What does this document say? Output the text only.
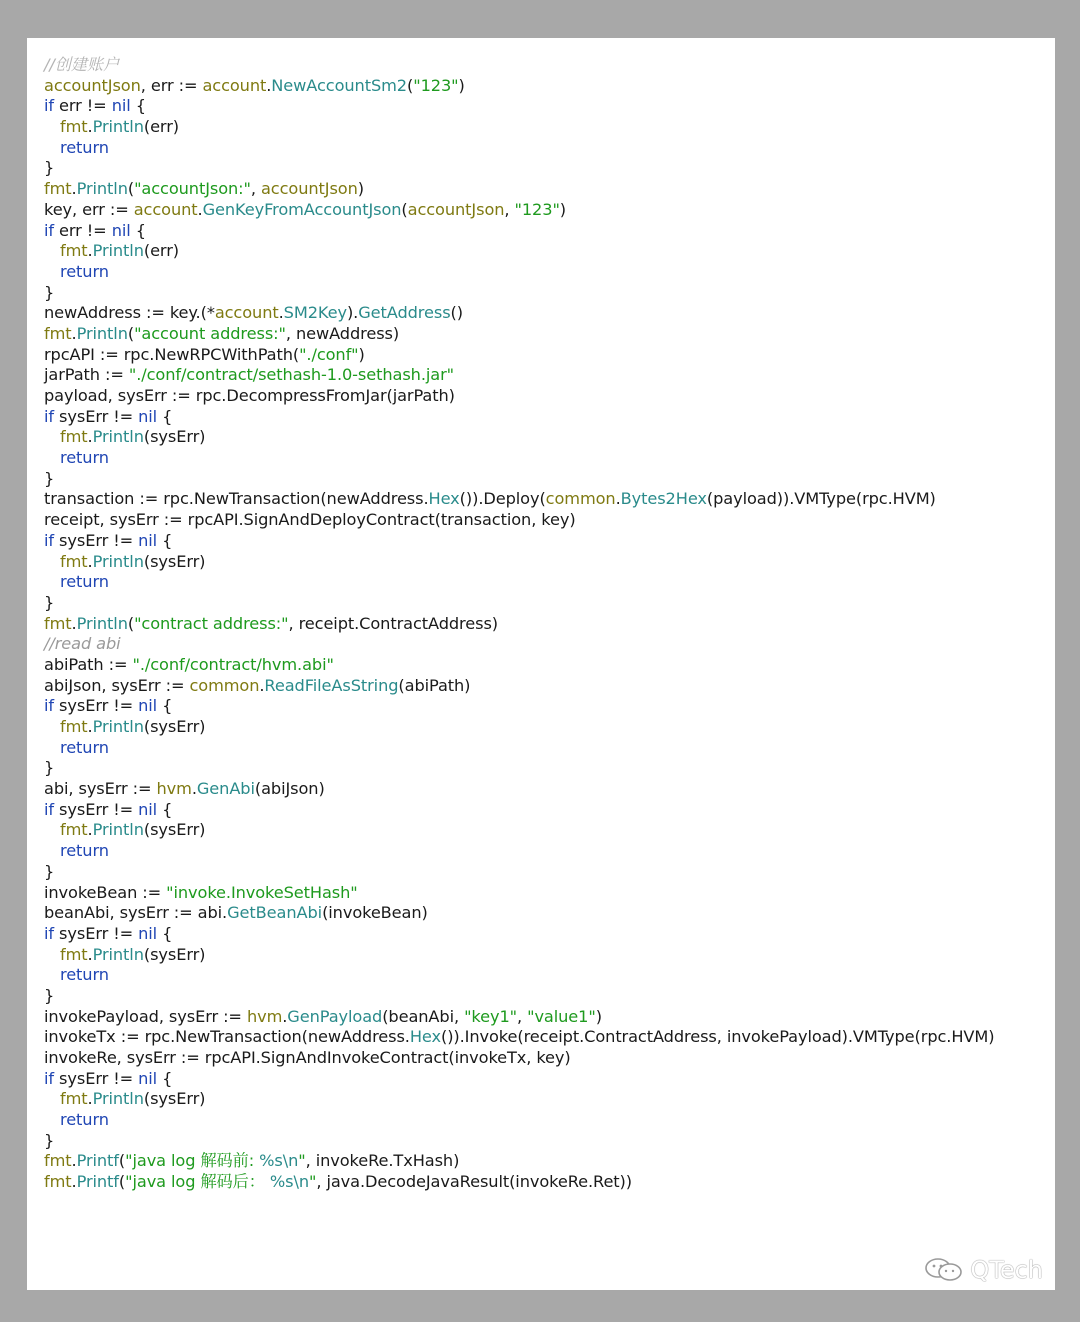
//创建账户
accountJson, err := account.NewAccountSm2("123")
if err != nil {
fmt.Println(err)
return
}
fmt.Println("accountJson:", accountJson)
key, err := account.GenKeyFromAccountJson(accountJson, "123")
if err != nil {
fmt.Println(err)
return
}
newAddress := key.(*account.SM2Key).GetAddress()
fmt.Println("account address:", newAddress)
rpcAPI := rpc.NewRPCWithPath("./conf")
jarPath := "./conf/contract/sethash-1.0-sethash.jar"
payload, sysErr := rpc.DecompressFromJar(jarPath)
if sysErr != nil {
fmt.Println(sysErr)
return
}
transaction := rpc.NewTransaction(newAddress.Hex()).Deploy(common.Bytes2Hex(payload)).VMType(rpc.HVM)
receipt, sysErr := rpcAPI.SignAndDeployContract(transaction, key)
if sysErr != nil {
fmt.Println(sysErr)
return
}
fmt.Println("contract address:", receipt.ContractAddress)
//read abi
abiPath := "./conf/contract/hvm.abi"
abiJson, sysErr := common.ReadFileAsString(abiPath)
if sysErr != nil {
fmt.Println(sysErr)
return
}
abi, sysErr := hvm.GenAbi(abiJson)
if sysErr != nil {
fmt.Println(sysErr)
return
}
invokeBean := "invoke.InvokeSetHash"
beanAbi, sysErr := abi.GetBeanAbi(invokeBean)
if sysErr != nil {
fmt.Println(sysErr)
return
}
invokePayload, sysErr := hvm.GenPayload(beanAbi, "key1", "value1")
invokeTx := rpc.NewTransaction(newAddress.Hex()).Invoke(receipt.ContractAddress, invokePayload).VMType(rpc.HVM)
invokeRe, sysErr := rpcAPI.SignAndInvokeContract(invokeTx, key)
if sysErr != nil {
fmt.Println(sysErr)
return
}
fmt.Printf("java log 解码前: %s\n", invokeRe.TxHash)
fmt.Printf("java log 解码后： %s\n", java.DecodeJavaResult(invokeRe.Ret))
QTech
